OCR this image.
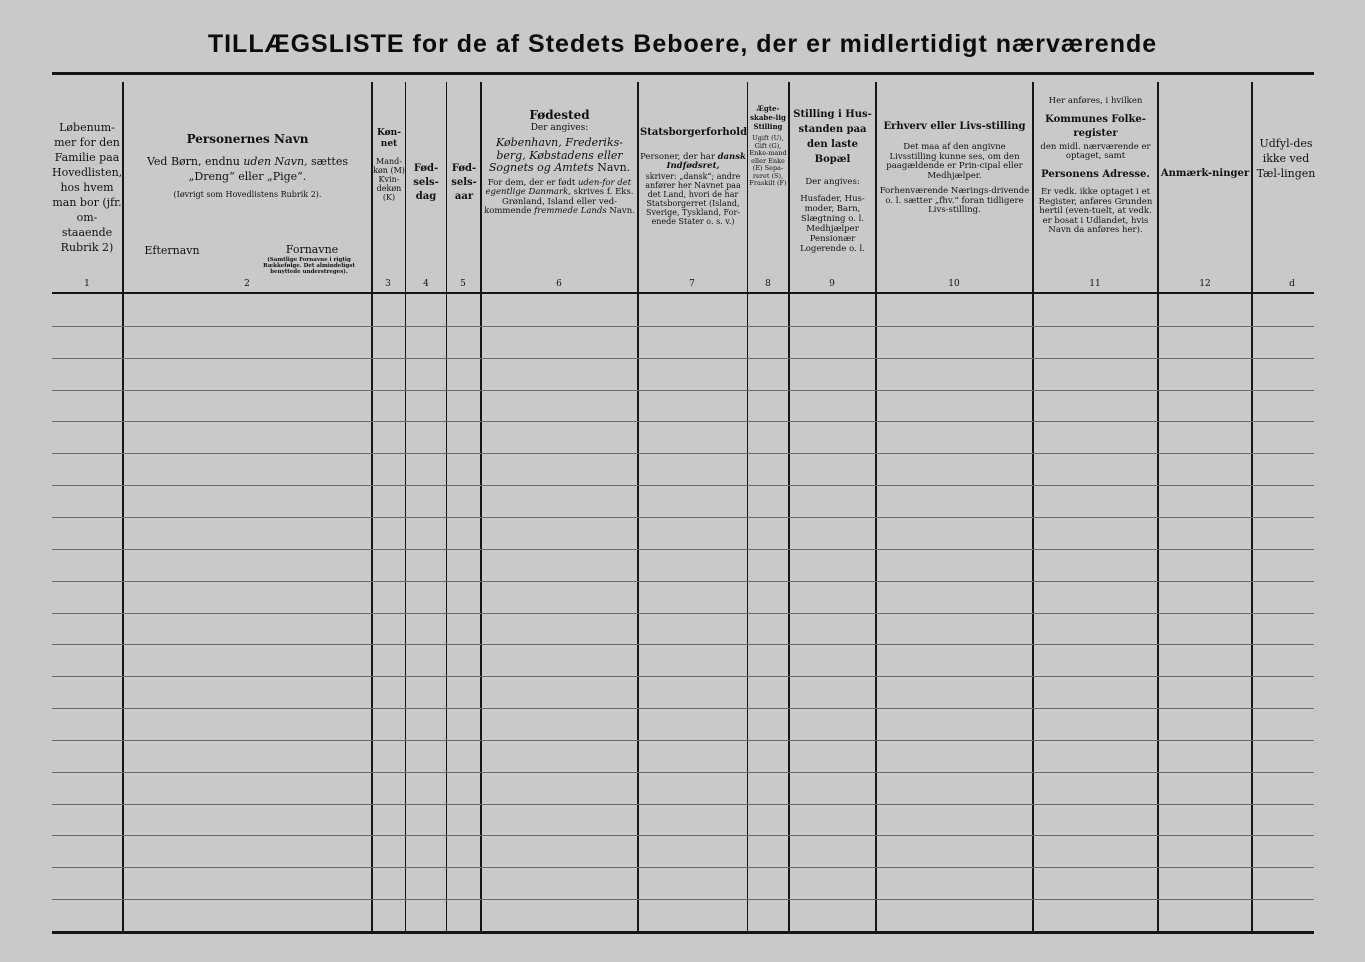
TILLÆGSLISTE for de af Stedets Beboere, der er midlertidigt nærværende
Løbenum-mer for den Familie paa Hovedlisten, hos hvem man bor (jfr. om-staaende Rubrik 2)
1
Personernes Navn
Ved Børn, endnu uden Navn, sættes
„Dreng“ eller „Pige“.
(Iøvrigt som Hovedlistens Rubrik 2).
Efternavn	Fornavne
(Samtlige Fornavne i rigtig Rækkefølge. Det almindeligst benyttede understreges).
2
Køn-net
Mand-køn (M) Kvin-dekøn (K)
3
Fød-sels-dag
4
Fød-sels-aar
5
Fødested
Der angives:
København, Frederiks-berg, Købstadens eller Sognets og Amtets Navn.
For dem, der er født uden-for det egentlige Danmark, skrives f. Eks. Grønland, Island eller ved-kommende fremmede Lands Navn.
6
Statsborgerforhold
Personer, der har dansk Indfødsret,
skriver: „dansk“; andre anfører her Navnet paa det Land, hvori de har Statsborgerret (Island, Sverige, Tyskland, For-enede Stater o. s. v.)
7
Ægte-skabe-lig Stilling
Ugift (U), Gift (G), Enke-mand eller Enke (E) Sepa-reret (S), Fraskilt (F)
8
Stilling i Hus-standen paa den laste Bopæl
Der angives:
Husfader, Hus-moder, Barn, Slægtning o. l. Medhjælper Pensionær Logerende o. l.
9
Erhverv eller Livs-stilling
Det maa af den angivne Livsstilling kunne ses, om den paagældende er Prin-cipal eller Medhjælper.
Forhenværende Nærings-drivende o. l. sætter „fhv.“ foran tidligere Livs-stilling.
10
Her anføres, i hvilken
Kommunes Folke-register
den midl. nærværende er optaget, samt
Personens Adresse.
Er vedk. ikke optaget i et Register, anføres Grunden hertil (even-tuelt, at vedk. er bosat i Udlandet, hvis Navn da anføres her).
11
Anmærk-ninger
12
Udfyl-des ikke ved Tæl-lingen
d
